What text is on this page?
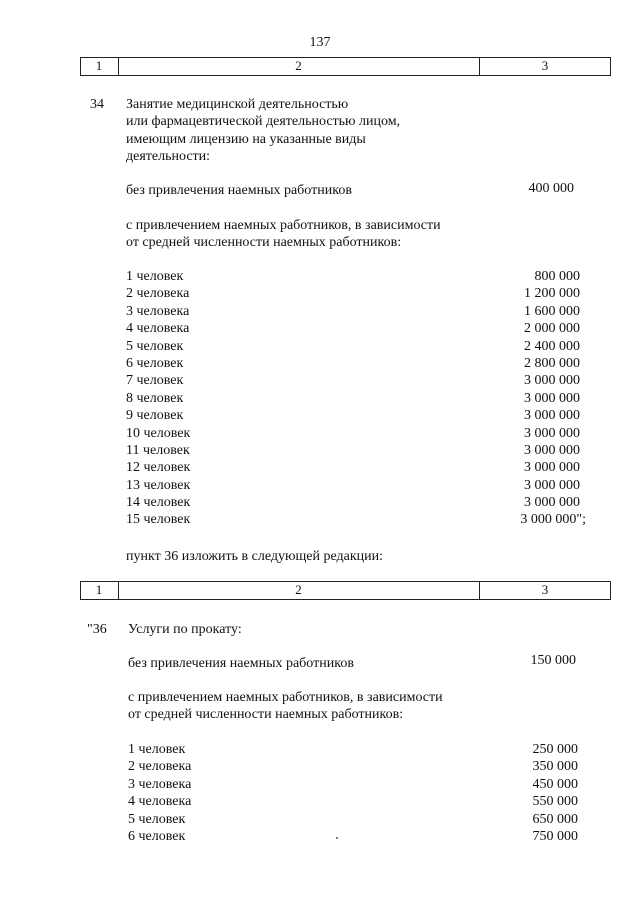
137
1	2	3
34 Занятие медицинской деятельностью
или фармацевтической деятельностью лицом,
имеющим лицензию на указанные виды
деятельности:
без привлечения наемных работников	400 000
с привлечением наемных работников, в зависимости
от средней численности наемных работников:
1 человек	800 000
2 человека	1 200 000
3 человека	1 600 000
4 человека	2 000 000
5 человек	2 400 000
6 человек	2 800 000
7 человек	3 000 000
8 человек	3 000 000
9 человек	3 000 000
10 человек	3 000 000
11 человек	3 000 000
12 человек	3 000 000
13 человек	3 000 000
14 человек	3 000 000
15 человек	3 000 000";
пункт 36 изложить в следующей редакции:
1	2	3
"36 Услуги по прокату:
без привлечения наемных работников	150 000
с привлечением наемных работников, в зависимости
от средней численности наемных работников:
1 человек	250 000
2 человека	350 000
3 человека	450 000
4 человека	550 000
5 человек	650 000
6 человек	750 000
